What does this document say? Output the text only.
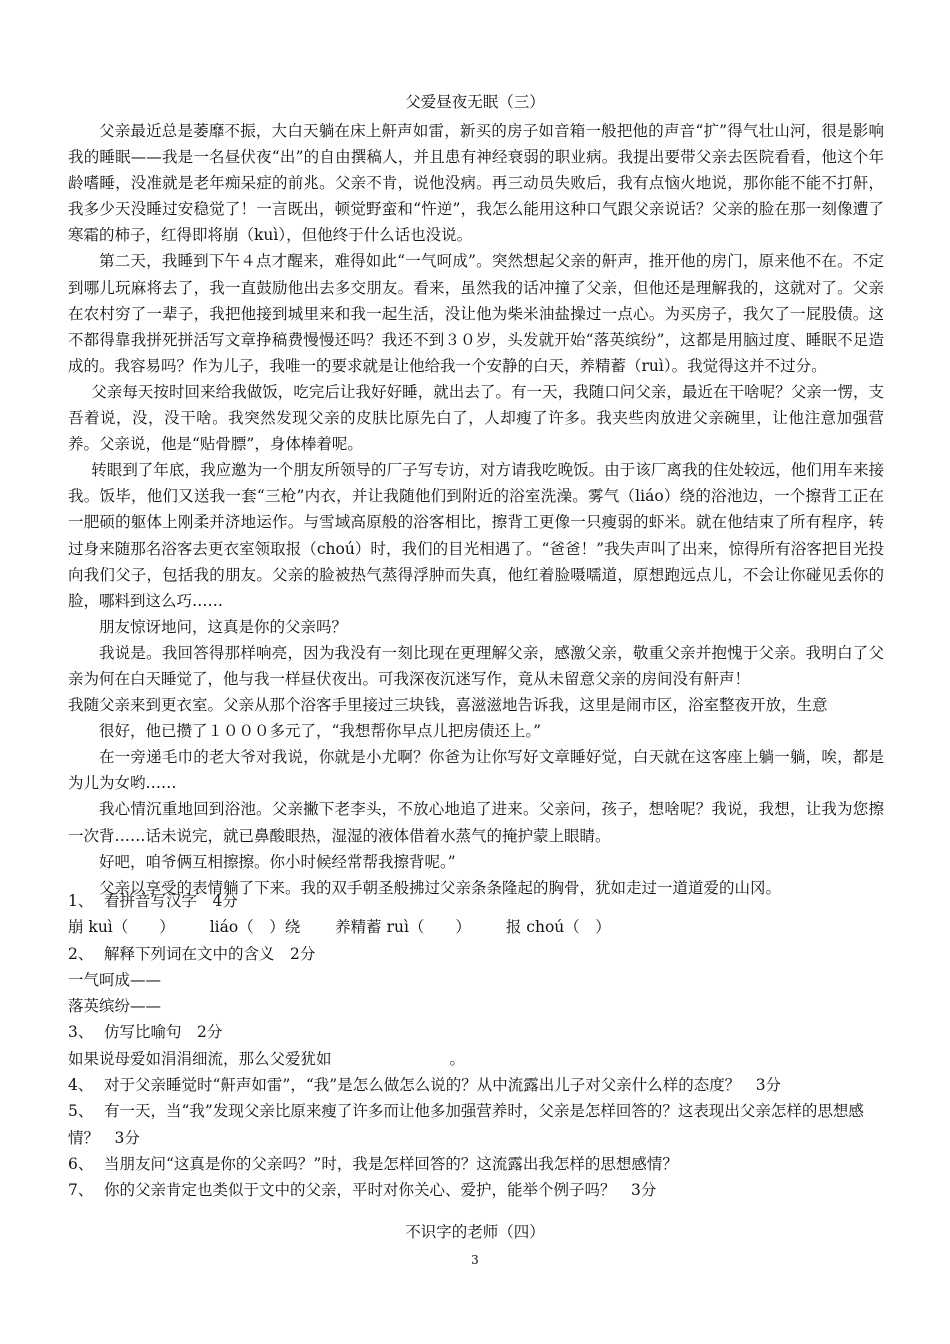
父爱昼夜无眠（三）

父亲最近总是萎靡不振，大白天躺在床上鼾声如雷，新买的房子如音箱一般把他的声音“扩”得气壮山河，很是影响我的睡眠——我是一名昼伏夜“出”的自由撰稿人，并且患有神经衰弱的职业病。我提出要带父亲去医院看看，他这个年龄嗜睡，没准就是老年痴呆症的前兆。父亲不肯，说他没病。再三动员失败后，我有点恼火地说，那你能不能不打鼾，我多少天没睡过安稳觉了！一言既出，顿觉野蛮和“忤逆”，我怎么能用这种口气跟父亲说话？父亲的脸在那一刻像遭了寒霜的柿子，红得即将崩（kuì），但他终于什么话也没说。

第二天，我睡到下午４点才醒来，难得如此“一气呵成”。突然想起父亲的鼾声，推开他的房门，原来他不在。不定到哪儿玩麻将去了，我一直鼓励他出去多交朋友。看来，虽然我的话冲撞了父亲，但他还是理解我的，这就对了。父亲在农村穷了一辈子，我把他接到城里来和我一起生活，没让他为柴米油盐操过一点心。为买房子，我欠了一屁股债。这不都得靠我拼死拼活写文章挣稿费慢慢还吗？我还不到３０岁，头发就开始“落英缤纷”，这都是用脑过度、睡眠不足造成的。我容易吗？作为儿子，我唯一的要求就是让他给我一个安静的白天，养精蓄（ruì）。我觉得这并不过分。

父亲每天按时回来给我做饭，吃完后让我好好睡，就出去了。有一天，我随口问父亲，最近在干啥呢？父亲一愣，支吾着说，没，没干啥。我突然发现父亲的皮肤比原先白了，人却瘦了许多。我夹些肉放进父亲碗里，让他注意加强营养。父亲说，他是“贴骨膘”，身体棒着呢。

转眼到了年底，我应邀为一个朋友所领导的厂子写专访，对方请我吃晚饭。由于该厂离我的住处较远，他们用车来接我。饭毕，他们又送我一套“三枪”内衣，并让我随他们到附近的浴室洗澡。雾气（liáo）绕的浴池边，一个擦背工正在一肥硕的躯体上刚柔并济地运作。与雪域高原般的浴客相比，擦背工更像一只瘦弱的虾米。就在他结束了所有程序，转过身来随那名浴客去更衣室领取报（choú）时，我们的目光相遇了。“爸爸！”我失声叫了出来，惊得所有浴客把目光投向我们父子，包括我的朋友。父亲的脸被热气蒸得浮肿而失真，他红着脸嗫嚅道，原想跑远点儿，不会让你碰见丢你的脸，哪料到这么巧……

朋友惊讶地问，这真是你的父亲吗？

我说是。我回答得那样响亮，因为我没有一刻比现在更理解父亲，感激父亲，敬重父亲并抱愧于父亲。我明白了父亲为何在白天睡觉了，他与我一样昼伏夜出。可我深夜沉迷写作，竟从未留意父亲的房间没有鼾声！

我随父亲来到更衣室。父亲从那个浴客手里接过三块钱，喜滋滋地告诉我，这里是闹市区，浴室整夜开放，生意

很好，他已攒了１０００多元了，“我想帮你早点儿把房债还上。”

在一旁递毛巾的老大爷对我说，你就是小尤啊？你爸为让你写好文章睡好觉，白天就在这客座上躺一躺，唉，都是为儿为女哟……

我心情沉重地回到浴池。父亲撇下老李头，不放心地追了进来。父亲问，孩子，想啥呢？我说，我想，让我为您擦一次背……话未说完，就已鼻酸眼热，湿湿的液体借着水蒸气的掩护蒙上眼睛。

好吧，咱爷俩互相擦擦。你小时候经常帮我擦背呢。”

父亲以享受的表情躺了下来。我的双手朝圣般拂过父亲条条隆起的胸骨，犹如走过一道道爱的山冈。

1、 看拼音写汉字　4分

崩 kuì（　　） liáo（　）绕 养精蓄 ruì（　　） 报 choú（　）

2、 解释下列词在文中的含义　2分

一气呵成——

落英缤纷——

3、 仿写比喻句　2分

如果说母爱如涓涓细流，那么父爱犹如	。

4、 对于父亲睡觉时“鼾声如雷”，“我”是怎么做怎么说的？从中流露出儿子对父亲什么样的态度？　3分

5、 有一天，当“我”发现父亲比原来瘦了许多而让他多加强营养时，父亲是怎样回答的？这表现出父亲怎样的思想感情？　3分

6、 当朋友问“这真是你的父亲吗？”时，我是怎样回答的？这流露出我怎样的思想感情？

7、 你的父亲肯定也类似于文中的父亲，平时对你关心、爱护，能举个例子吗？　3分

不识字的老师（四）
3
